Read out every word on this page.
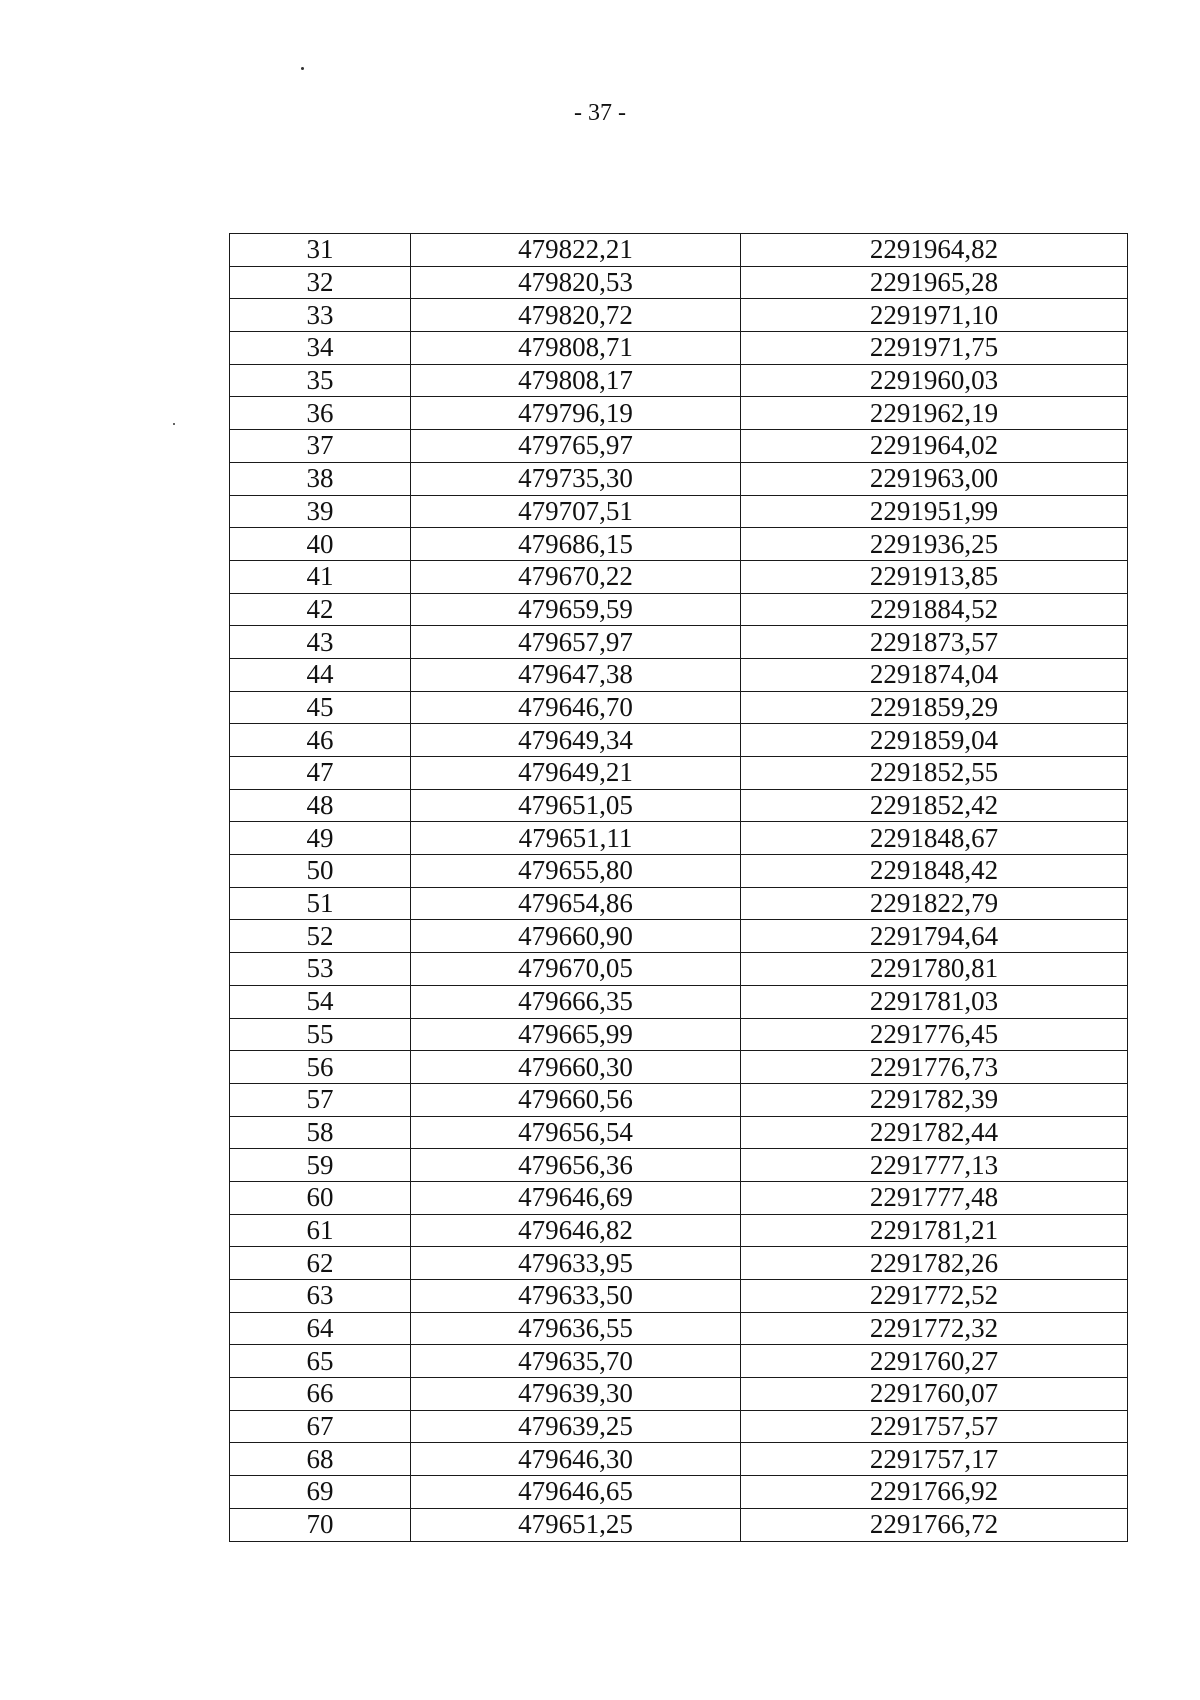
- 37 -
31	479822,21	2291964,82
32	479820,53	2291965,28
33	479820,72	2291971,10
34	479808,71	2291971,75
35	479808,17	2291960,03
36	479796,19	2291962,19
37	479765,97	2291964,02
38	479735,30	2291963,00
39	479707,51	2291951,99
40	479686,15	2291936,25
41	479670,22	2291913,85
42	479659,59	2291884,52
43	479657,97	2291873,57
44	479647,38	2291874,04
45	479646,70	2291859,29
46	479649,34	2291859,04
47	479649,21	2291852,55
48	479651,05	2291852,42
49	479651,11	2291848,67
50	479655,80	2291848,42
51	479654,86	2291822,79
52	479660,90	2291794,64
53	479670,05	2291780,81
54	479666,35	2291781,03
55	479665,99	2291776,45
56	479660,30	2291776,73
57	479660,56	2291782,39
58	479656,54	2291782,44
59	479656,36	2291777,13
60	479646,69	2291777,48
61	479646,82	2291781,21
62	479633,95	2291782,26
63	479633,50	2291772,52
64	479636,55	2291772,32
65	479635,70	2291760,27
66	479639,30	2291760,07
67	479639,25	2291757,57
68	479646,30	2291757,17
69	479646,65	2291766,92
70	479651,25	2291766,72
